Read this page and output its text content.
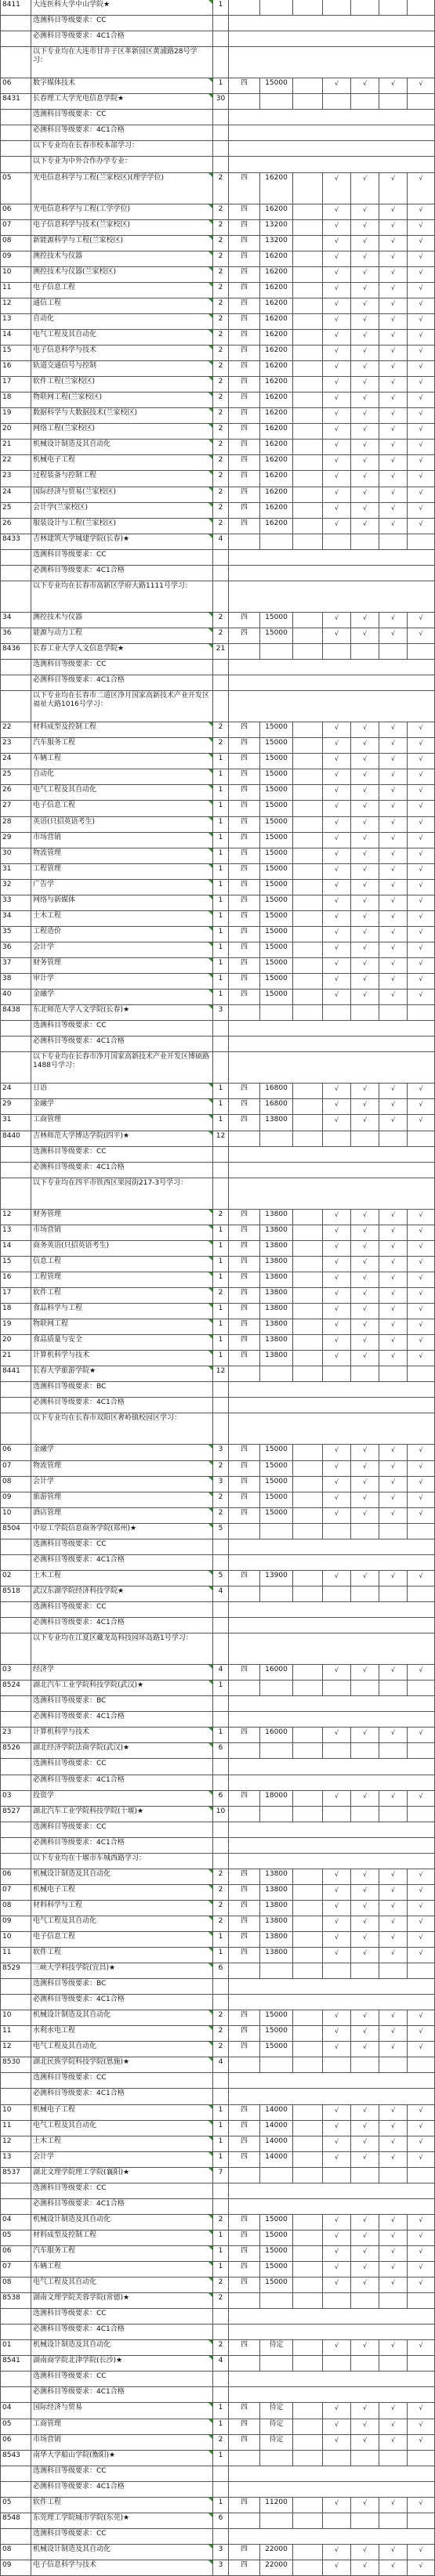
8411	大连医科大学中山学院★	1
选测科目等级要求：CC
必测科目等级要求：4C1合格
以下专业均在大连市甘井子区革新园区黄浦路28号学习：
06	数字媒体技术	1	四	15000	√	√	√	√
8431	长春理工大学光电信息学院★	30
选测科目等级要求：CC
必测科目等级要求：4C1合格
以下专业均在长春市校本部学习：
以下专业为中外合作办学专业：
05	光电信息科学与工程(兰家校区)(理学学位)	2	四	16200	√	√	√	√
06	光电信息科学与工程(工学学位)	2	四	16200	√	√	√	√
07	电子信息科学与技术(兰家校区)	2	四	13200	√	√	√	√
08	新能源科学与工程(兰家校区)	2	四	13200	√	√	√	√
09	测控技术与仪器	2	四	16200	√	√	√	√
10	测控技术与仪器(兰家校区)	2	四	16200	√	√	√	√
11	电子信息工程	2	四	16200	√	√	√	√
12	通信工程	2	四	16200	√	√	√	√
13	自动化	2	四	16200	√	√	√	√
14	电气工程及其自动化	2	四	16200	√	√	√	√
15	电子信息科学与技术	2	四	16200	√	√	√	√
16	轨道交通信号与控制	2	四	16200	√	√	√	√
17	软件工程(兰家校区)	2	四	16200	√	√	√	√
18	物联网工程(兰家校区)	2	四	16200	√	√	√	√
19	数据科学与大数据技术(兰家校区)	2	四	16200	√	√	√	√
20	网络工程(兰家校区)	2	四	16200	√	√	√	√
21	机械设计制造及其自动化	2	四	16200	√	√	√	√
22	机械电子工程	2	四	16200	√	√	√	√
23	过程装备与控制工程	2	四	16200	√	√	√	√
24	国际经济与贸易(兰家校区)	2	四	16200	√	√	√	√
25	会计学(兰家校区)	2	四	16200	√	√	√	√
26	服装设计与工程(兰家校区)	2	四	16200	√	√	√	√
8433	吉林建筑大学城建学院(长春)★	4
选测科目等级要求：CC
必测科目等级要求：4C1合格
以下专业均在长春市高新区学府大路1111号学习：
34	测控技术与仪器	2	四	15000	√	√	√	√
36	能源与动力工程	2	四	15000	√	√	√	√
8436	长春工业大学人文信息学院★	21
选测科目等级要求：CC
必测科目等级要求：4C1合格
以下专业均在长春市二道区净月国家高新技术产业开发区福祉大路1016号学习：
22	材料成型及控制工程	2	四	15000	√	√	√	√
23	汽车服务工程	2	四	15000	√	√	√	√
24	车辆工程	1	四	15000	√	√	√	√
25	自动化	1	四	15000	√	√	√	√
26	电气工程及其自动化	1	四	15000	√	√	√	√
27	电子信息工程	1	四	15000	√	√	√	√
28	英语(只招英语考生)	1	四	15000	√	√	√	√
29	市场营销	1	四	15000	√	√	√	√
30	物流管理	1	四	15000	√	√	√	√
31	工程管理	1	四	15000	√	√	√	√
32	广告学	1	四	15000	√	√	√	√
33	网络与新媒体	1	四	15000	√	√	√	√
34	土木工程	1	四	15000	√	√	√	√
35	工程造价	1	四	15000	√	√	√	√
36	会计学	1	四	15000	√	√	√	√
37	财务管理	1	四	15000	√	√	√	√
38	审计学	1	四	15000	√	√	√	√
40	金融学	1	四	15000	√	√	√	√
8438	东北师范大学人文学院(长春)★	3
选测科目等级要求：CC
必测科目等级要求：4C1合格
以下专业均在长春市净月国家高新技术产业开发区博硕路1488号学习：
24	日语	1	四	16800	√	√	√	√
29	金融学	1	四	16800	√	√	√	√
31	工商管理	1	四	13800	√	√	√	√
8440	吉林师范大学博达学院(四平)★	12
选测科目等级要求：CC
必测科目等级要求：4C1合格
以下专业均在四平市铁西区果园街217-3号学习：
12	财务管理	2	四	13800	√	√	√	√
13	市场营销	1	四	13800	√	√	√	√
14	商务英语(只招英语考生)	1	四	13800	√	√	√	√
15	信息工程	1	四	13800	√	√	√	√
16	工程管理	1	四	13800	√	√	√	√
17	软件工程	2	四	13800	√	√	√	√
18	食品科学与工程	1	四	13800	√	√	√	√
19	物联网工程	1	四	13800	√	√	√	√
20	食品质量与安全	1	四	13800	√	√	√	√
21	计算机科学与技术	1	四	13800	√	√	√	√
8441	长春大学旅游学院★	12
选测科目等级要求：BC
必测科目等级要求：4C1合格
以下专业均在长春市双阳区奢岭镇校园区学习：
06	金融学	3	四	15000	√	√	√	√
07	物流管理	2	四	15000	√	√	√	√
08	会计学	3	四	15000	√	√	√	√
09	旅游管理	2	四	15000	√	√	√	√
10	酒店管理	2	四	15000	√	√	√	√
8504	中原工学院信息商务学院(郑州)★	5
选测科目等级要求：CC
必测科目等级要求：4C1合格
02	土木工程	5	四	13900	√	√	√	√
8518	武汉东湖学院经济科技学院★	4
选测科目等级要求：CC
必测科目等级要求：4C1合格
以下专业均在江夏区藏龙岛科技园环岛路1号学习：
03	经济学	4	四	16000	√	√	√	√
8524	湖北汽车工业学院科技学院(武汉)★	1
选测科目等级要求：BC
必测科目等级要求：4C1合格
23	计算机科学与技术	1	四	16000	√	√	√	√
8526	湖北经济学院法商学院(武汉)★	6
选测科目等级要求：CC
必测科目等级要求：4C1合格
03	投资学	6	四	18000	√	√	√	√
8527	湖北汽车工业学院科技学院(十堰)★	10
选测科目等级要求：CC
必测科目等级要求：4C1合格
以下专业均在十堰市车城西路学习：
06	机械设计制造及其自动化	2	四	13800	√	√	√	√
07	机械电子工程	2	四	13800	√	√	√	√
08	材料科学与工程	2	四	13800	√	√	√	√
09	电气工程及其自动化	2	四	13800	√	√	√	√
10	电子信息工程	1	四	13800	√	√	√	√
11	软件工程	1	四	13800	√	√	√	√
8529	三峡大学科技学院(宜昌)★	6
选测科目等级要求：BC
必测科目等级要求：4C1合格
10	机械设计制造及其自动化	2	四	15000	√	√	√	√
11	水利水电工程	2	四	15000	√	√	√	√
12	电气工程及其自动化	2	四	15000	√	√	√	√
8530	湖北民族学院科技学院(恩施)★	4
选测科目等级要求：CC
必测科目等级要求：4C1合格
10	机械电子工程	1	四	14000	√	√	√	√
11	电气工程及其自动化	1	四	14000	√	√	√	√
12	土木工程	1	四	14000	√	√	√	√
13	会计学	1	四	14000	√	√	√	√
8537	湖北文理学院理工学院(襄阳)★	7
选测科目等级要求：CC
必测科目等级要求：4C1合格
04	机械设计制造及其自动化	2	四	15000	√	√	√	√
05	材料成型及控制工程	1	四	15000	√	√	√	√
06	汽车服务工程	1	四	15000	√	√	√	√
07	车辆工程	1	四	15000	√	√	√	√
08	电气工程及其自动化	2	四	15000	√	√	√	√
8538	湖南文理学院芙蓉学院(常德)★	2
选测科目等级要求：CC
必测科目等级要求：4C1合格
01	机械设计制造及其自动化	2	四	待定	√	√	√	√
8541	湖南商学院北津学院(长沙)★	4
选测科目等级要求：CC
必测科目等级要求：4C1合格
04	国际经济与贸易	1	四	待定	√	√	√	√
05	工商管理	1	四	待定	√	√	√	√
06	市场营销	2	四	待定	√	√	√	√
8543	南华大学船山学院(衡阳)★	1
选测科目等级要求：CC
必测科目等级要求：4C1合格
05	软件工程	1	四	11200	√	√	√	√
8548	东莞理工学院城市学院(东莞)★	6
选测科目等级要求：CC
08	机械设计制造及其自动化	3	四	22000	√	√	√	√
09	电子信息科学与技术	3	四	22000	√	√	√	√
